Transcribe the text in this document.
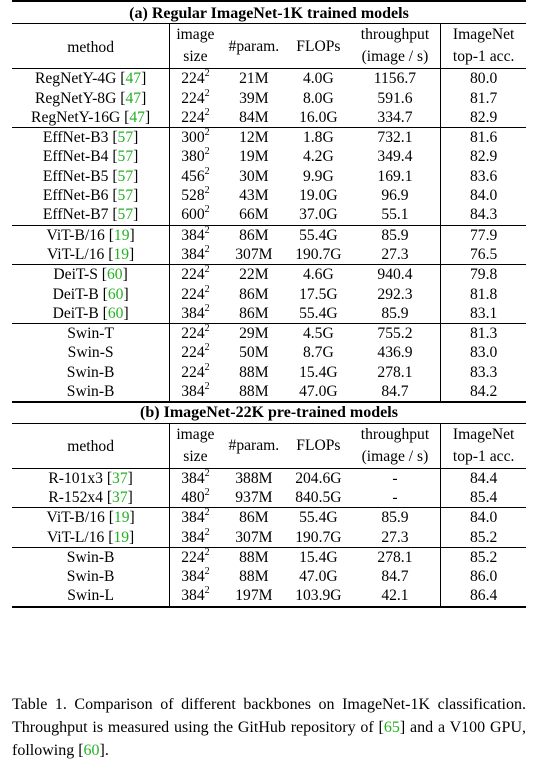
(a) Regular ImageNet-1K trained models					
method	image size	#param.	FLOPs	throughput (image / s)	ImageNet top-1 acc.
RegNetY-4G [47]	$224^2$	21M	4.0G	1156.7	80.0
RegNetY-8G [47]	$224^2$	39M	8.0G	591.6	81.7
RegNetY-16G [47]	$224^2$	84M	16.0G	334.7	82.9
EffNet-B3 [57]	$300^2$	12M	1.8G	732.1	81.6
EffNet-B4 [57]	$380^2$	19M	4.2G	349.4	82.9
EffNet-B5 [57]	$456^2$	30M	9.9G	169.1	83.6
EffNet-B6 [57]	$528^2$	43M	19.0G	96.9	84.0
EffNet-B7 [57]	$600^2$	66M	37.0G	55.1	84.3
ViT-B/16 [19]	$384^2$	86M	55.4G	85.9	77.9
ViT-L/16 [19]	$384^2$	307M	190.7G	27.3	76.5
DeiT-S [60]	$224^2$	22M	4.6G	940.4	79.8
DeiT-B [60]	$224^2$	86M	17.5G	292.3	81.8
DeiT-B [60]	$384^2$	86M	55.4G	85.9	83.1
Swin-T	$224^2$	29M	4.5G	755.2	81.3
Swin-S	$224^2$	50M	8.7G	436.9	83.0
Swin-B	$224^2$	88M	15.4G	278.1	83.3
Swin-B	$384^2$	88M	47.0G	84.7	84.2
(b) ImageNet-22K pre-trained models					
method	image size	#param.	FLOPs	throughput (image / s)	ImageNet top-1 acc.
R-101x3 [37]	$384^2$	388M	204.6G	-	84.4
R-152x4 [37]	$480^2$	937M	840.5G	-	85.4
ViT-B/16 [19]	$384^2$	86M	55.4G	85.9	84.0
ViT-L/16 [19]	$384^2$	307M	190.7G	27.3	85.2
Swin-B	$224^2$	88M	15.4G	278.1	85.2
Swin-B	$384^2$	88M	47.0G	84.7	86.0
Swin-L	$384^2$	197M	103.9G	42.1	86.4
Table 1. Comparison of different backbones on ImageNet-1K classification. Throughput is measured using the GitHub repository of [65] and a V100 GPU, following [60].
